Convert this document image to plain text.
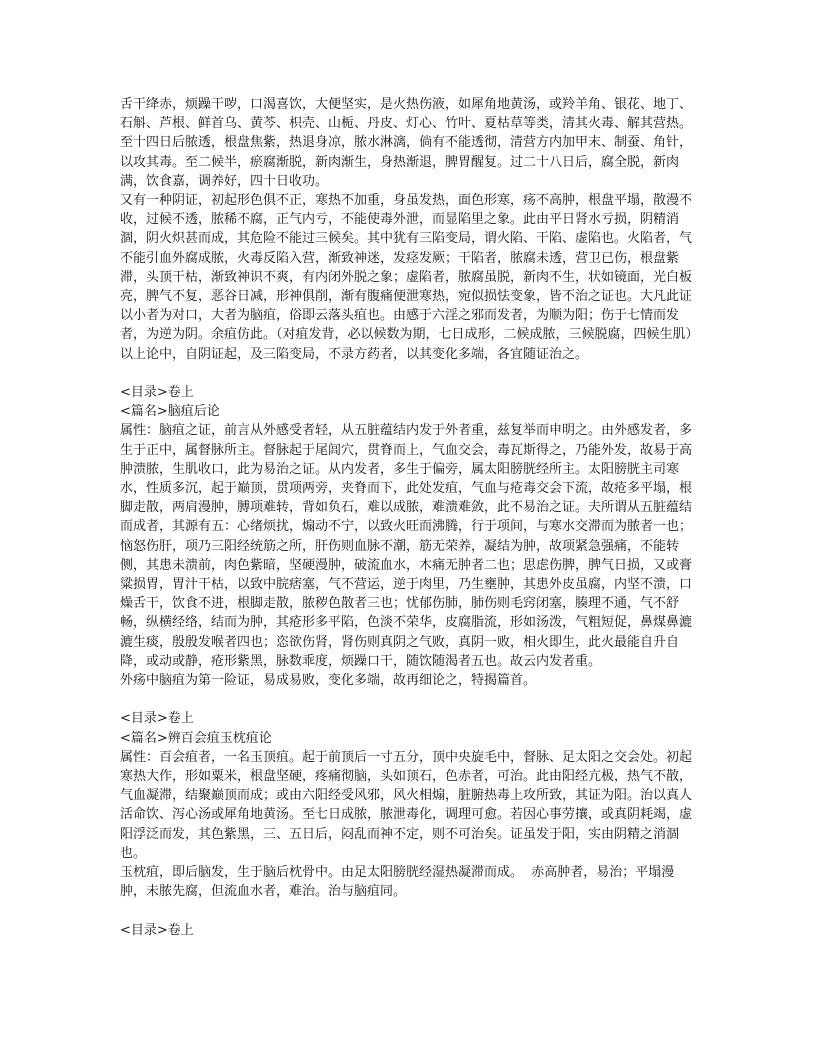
舌干绛赤，烦躁干哕，口渴喜饮，大便坚实，是火热伤液，如犀角地黄汤，或羚羊角、银花、地丁、石斛、芦根、鲜首乌、黄芩、枳壳、山栀、丹皮、灯心、竹叶、夏枯草等类，清其火毒、解其营热。至十四日后脓透，根盘焦紫，热退身凉，脓水淋漓，倘有不能透彻，清营方内加甲末、制蚕、角针，以攻其毒。至二候半，瘀腐渐脱，新肉渐生，身热渐退，脾胃醒复。过二十八日后，腐全脱，新肉满，饮食嘉，调养好，四十日收功。

又有一种阴证，初起形色俱不正，寒热不加重，身虽发热，面色形寒，疡不高肿，根盘平塌，散漫不收，过候不透，脓稀不腐，正气内亏，不能使毒外泄，而显陷里之象。此由平日肾水亏损，阴精消涸，阴火炽甚而成，其危险不能过三候矣。其中犹有三陷变局，谓火陷、干陷、虚陷也。火陷者，气不能引血外腐成脓，火毒反陷入营，渐致神迷，发痉发厥；干陷者，脓腐未透，营卫已伤，根盘紫滞，头顶干枯，渐致神识不爽，有内闭外脱之象；虚陷者，脓腐虽脱，新肉不生，状如镜面，光白板亮，脾气不复，恶谷日减，形神俱削，渐有腹痛便泄寒热，宛似损怯变象，皆不治之证也。大凡此证以小者为对口，大者为脑疽，俗即云落头疽也。由感于六淫之邪而发者，为顺为阳；伤于七情而发者，为逆为阴。余疽仿此。（对疽发背，必以候数为期，七日成形，二候成脓，三候脱腐，四候生肌）

以上论中，自阴证起，及三陷变局，不录方药者，以其变化多端，各宜随证治之。

<目录>卷上

<篇名>脑疽后论

属性：脑疽之证，前言从外感受者轻，从五脏蕴结内发于外者重，兹复举而申明之。由外感发者，多生于正中，属督脉所主。督脉起于尾闾穴，贯脊而上，气血交会，毒瓦斯得之，乃能外发，故易于高肿溃脓，生肌收口，此为易治之证。从内发者，多生于偏旁，属太阳膀胱经所主。太阳膀胱主司寒水，性质多沉，起于巅顶，贯项两旁，夹脊而下，此处发疽，气血与疮毒交会下流，故疮多平塌，根脚走散，两肩漫肿，膊项难转，背如负石，难以成脓，难溃难敛，此不易治之证。夫所谓从五脏蕴结而成者，其源有五：心绪烦扰，煽动不宁，以致火旺而沸腾，行于项间，与寒水交滞而为脓者一也；恼怒伤肝，项乃三阳经统筋之所，肝伤则血脉不潮，筋无荣养，凝结为肿，故项紧急强痛，不能转侧，其患未溃前，肉色紫暗，坚硬漫肿，破流血水，木痛无肿者二也；思虑伤脾，脾气日损，又或膏粱损胃，胃汁干枯，以致中脘痞塞，气不营运，逆于肉里，乃生壅肿，其患外皮虽腐，内坚不溃，口燥舌干，饮食不进，根脚走散，脓秽色散者三也；忧郁伤肺，肺伤则毛窍闭塞，腠理不通，气不舒畅，纵横经络，结而为肿，其疮形多平陷，色淡不荣华，皮腐脂流，形如汤泼，气粗短促，鼻煤鼻漉漉生痰，殷殷发喉者四也；恣欲伤肾，肾伤则真阴之气败，真阴一败，相火即生，此火最能自升自降，或动或静，疮形紫黑，脉数乖度，烦躁口干，随饮随渴者五也。故云内发者重。

外疡中脑疽为第一险证，易成易败，变化多端，故再细论之，特揭篇首。

<目录>卷上

<篇名>辨百会疽玉枕疽论

属性：百会疽者，一名玉顶疽。起于前顶后一寸五分，顶中央旋毛中，督脉、足太阳之交会处。初起寒热大作，形如粟米，根盘坚硬，疼痛彻脑，头如顶石，色赤者，可治。此由阳经亢极，热气不散，气血凝滞，结聚巅顶而成；或由六阳经受风邪，风火相煽，脏腑热毒上攻所致，其证为阳。治以真人活命饮、泻心汤或犀角地黄汤。至七日成脓，脓泄毒化，调理可愈。若因心事劳攘，或真阴耗竭，虚阳浮泛而发，其色紫黑，三、五日后，闷乱而神不定，则不可治矣。证虽发于阳，实由阴精之消涸也。

玉枕疽，即后脑发，生于脑后枕骨中。由足太阳膀胱经湿热凝滞而成。  赤高肿者，易治；平塌漫肿，未脓先腐，但流血水者，难治。治与脑疽同。

<目录>卷上
